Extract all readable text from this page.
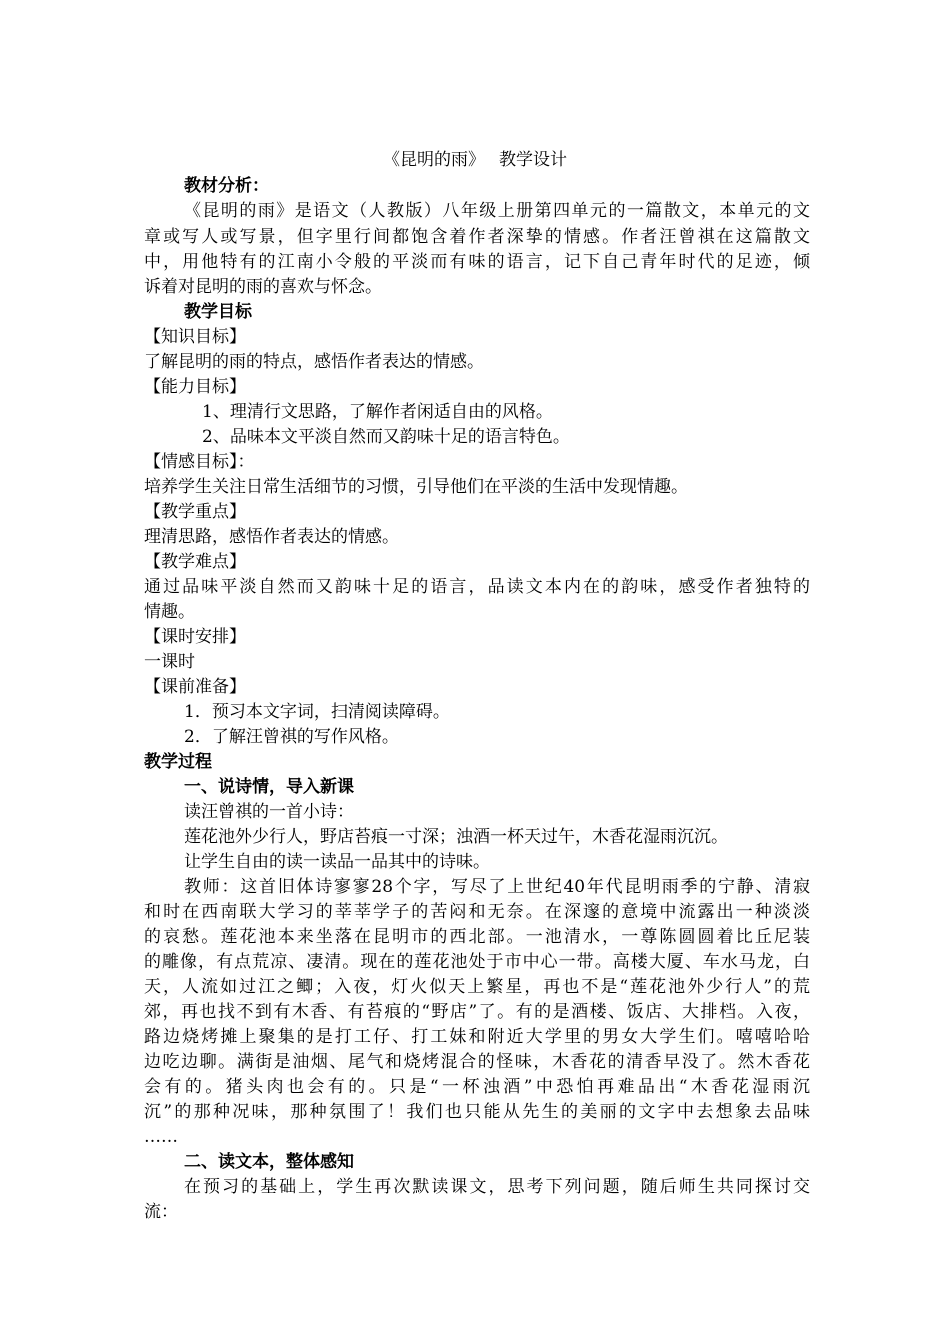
《昆明的雨》　 教学设计
教材分析：
《昆明的雨》是语文（人教版）八年级上册第四单元的一篇散文，本单元的文
章或写人或写景，但字里行间都饱含着作者深挚的情感。作者汪曾祺在这篇散文
中，用他特有的江南小令般的平淡而有味的语言，记下自己青年时代的足迹，倾
诉着对昆明的雨的喜欢与怀念。
教学目标
【知识目标】
了解昆明的雨的特点，感悟作者表达的情感。
【能力目标】
1、理清行文思路，了解作者闲适自由的风格。
2、品味本文平淡自然而又韵味十足的语言特色。
【情感目标】：
培养学生关注日常生活细节的习惯，引导他们在平淡的生活中发现情趣。
【教学重点】
理清思路，感悟作者表达的情感。
【教学难点】
通过品味平淡自然而又韵味十足的语言，品读文本内在的韵味，感受作者独特的
情趣。
【课时安排】
一课时
【课前准备】
1．预习本文字词，扫清阅读障碍。
2．了解汪曾祺的写作风格。
教学过程
一、说诗情，导入新课
读汪曾祺的一首小诗：
莲花池外少行人，野店苔痕一寸深；浊酒一杯天过午，木香花湿雨沉沉。
让学生自由的读一读品一品其中的诗味。
教师：这首旧体诗寥寥28个字，写尽了上世纪40年代昆明雨季的宁静、清寂
和时在西南联大学习的莘莘学子的苦闷和无奈。在深邃的意境中流露出一种淡淡
的哀愁。莲花池本来坐落在昆明市的西北部。一池清水，一尊陈圆圆着比丘尼装
的雕像，有点荒凉、凄清。现在的莲花池处于市中心一带。高楼大厦、车水马龙，白
天，人流如过江之鲫；入夜，灯火似天上繁星，再也不是“莲花池外少行人”的荒
郊，再也找不到有木香、有苔痕的“野店”了。有的是酒楼、饭店、大排档。入夜，
路边烧烤摊上聚集的是打工仔、打工妹和附近大学里的男女大学生们。嘻嘻哈哈
边吃边聊。满街是油烟、尾气和烧烤混合的怪味，木香花的清香早没了。然木香花
会有的。猪头肉也会有的。只是“一杯浊酒”中恐怕再难品出“木香花湿雨沉
沉”的那种况味，那种氛围了！我们也只能从先生的美丽的文字中去想象去品味
……
二、读文本，整体感知
在预习的基础上，学生再次默读课文，思考下列问题，随后师生共同探讨交
流：
